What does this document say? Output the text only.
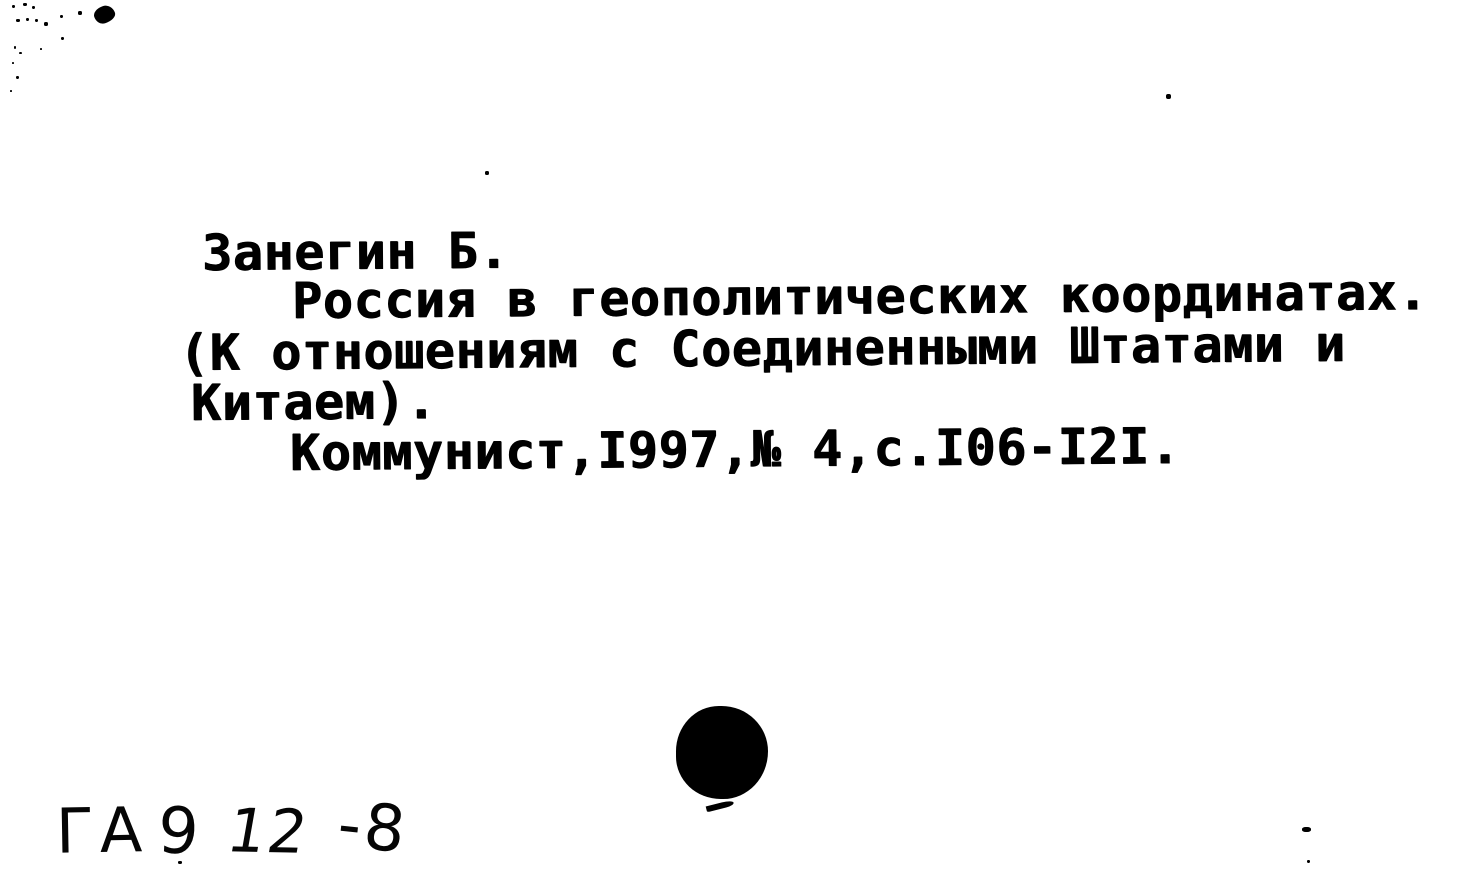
Занегин Б.
Россия в геополитических координатах.
(К отношениям с Соединенными Штатами и
Китаем).
Коммунист,I997,№ 4,с.I06-I2I.
ГА 9 12 -8
